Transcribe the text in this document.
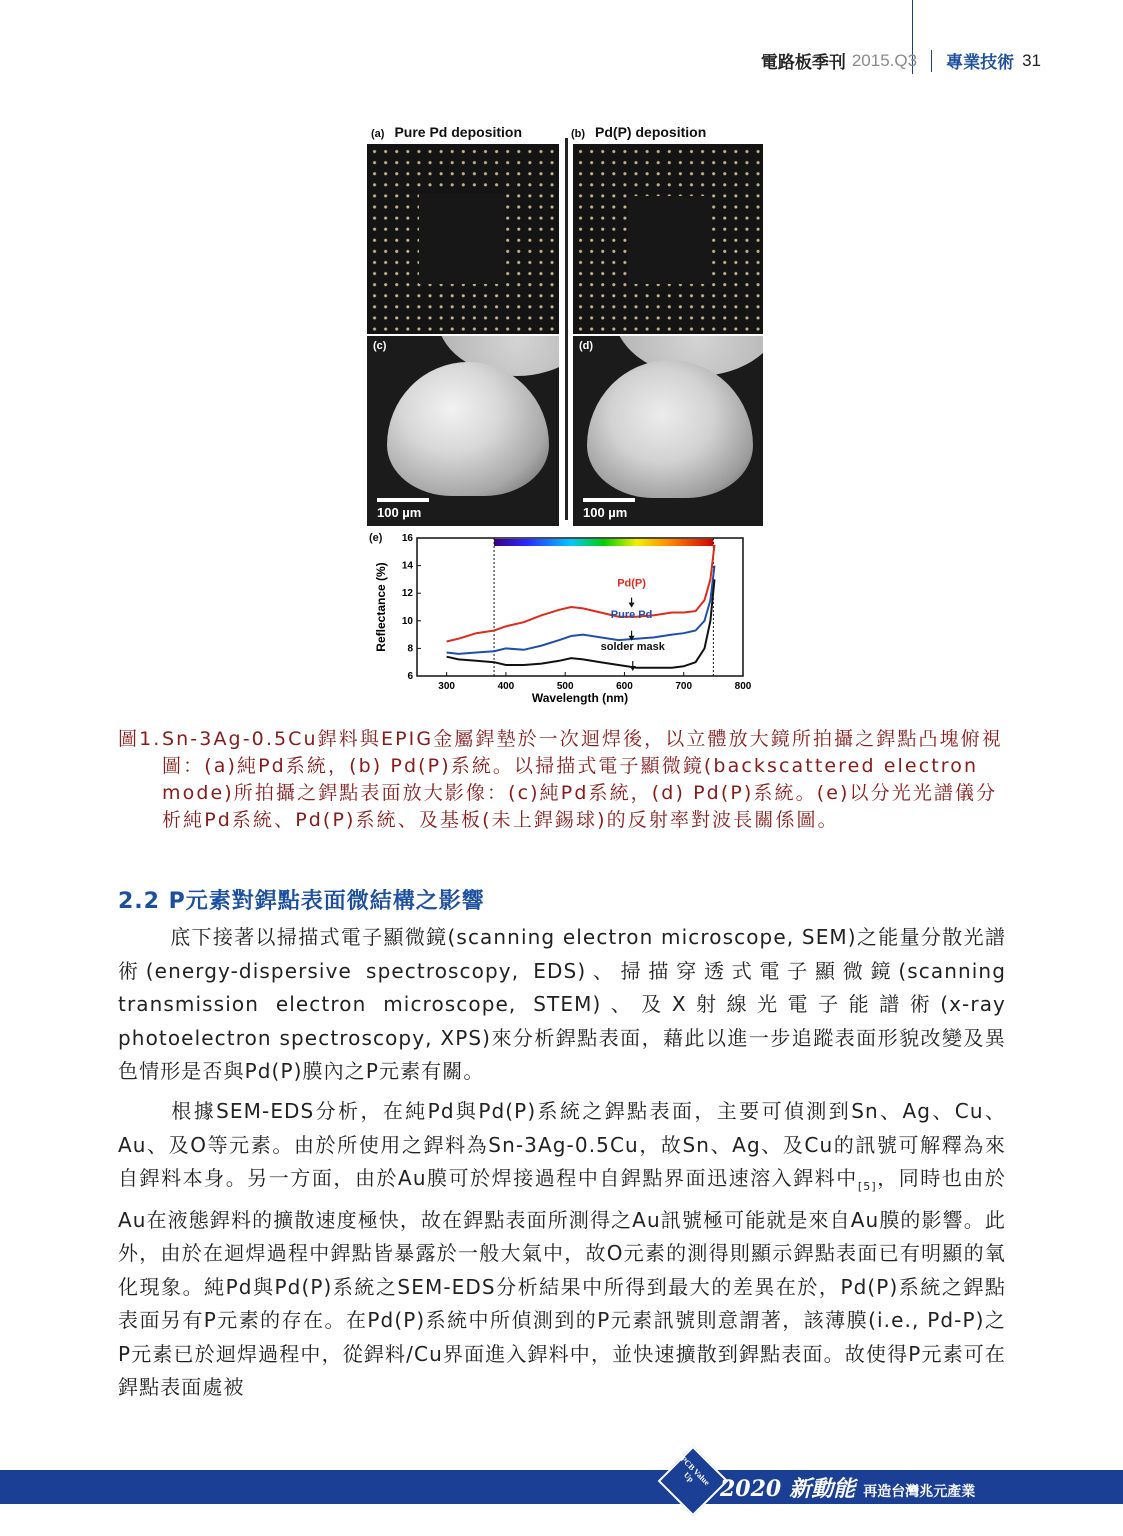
電路板季刊 2015.Q3 專業技術 31
(a) Pure Pd deposition	(b) Pd(P) deposition
(c)
100 µm
(d)
100 µm
(e)
300	400	500	600	700	800
6
8
10
12
14
16
Wavelength (nm)
Reflectance (%)	Pd(P)
Pure Pd
solder mask
圖1. Sn-3Ag-0.5Cu銲料與EPIG金屬銲墊於一次迴焊後，以立體放大鏡所拍攝之銲點凸塊俯視圖：(a)純Pd系統，(b) Pd(P)系統。以掃描式電子顯微鏡(backscattered electron mode)所拍攝之銲點表面放大影像：(c)純Pd系統，(d) Pd(P)系統。(e)以分光光譜儀分析純Pd系統、Pd(P)系統、及基板(未上銲錫球)的反射率對波長關係圖。
2.2 P元素對銲點表面微結構之影響
底下接著以掃描式電子顯微鏡(scanning electron microscope, SEM)之能量分散光譜術(energy-dispersive spectroscopy, EDS)、掃描穿透式電子顯微鏡(scanning transmission electron microscope, STEM)、及X射線光電子能譜術(x-ray photoelectron spectroscopy, XPS)來分析銲點表面，藉此以進一步追蹤表面形貌改變及異色情形是否與Pd(P)膜內之P元素有關。
根據SEM-EDS分析，在純Pd與Pd(P)系統之銲點表面，主要可偵測到Sn、Ag、Cu、Au、及O等元素。由於所使用之銲料為Sn-3Ag-0.5Cu，故Sn、Ag、及Cu的訊號可解釋為來自銲料本身。另一方面，由於Au膜可於焊接過程中自銲點界面迅速溶入銲料中$_{[5]}$，同時也由於Au在液態銲料的擴散速度極快，故在銲點表面所測得之Au訊號極可能就是來自Au膜的影響。此外，由於在迴焊過程中銲點皆暴露於一般大氣中，故O元素的測得則顯示銲點表面已有明顯的氧化現象。純Pd與Pd(P)系統之SEM-EDS分析結果中所得到最大的差異在於，Pd(P)系統之銲點表面另有P元素的存在。在Pd(P)系統中所偵測到的P元素訊號則意謂著，該薄膜(i.e., Pd-P)之P元素已於迴焊過程中，從銲料/Cu界面進入銲料中，並快速擴散到銲點表面。故使得P元素可在銲點表面處被
PCB Value Up	2020 新動能 再造台灣兆元產業
